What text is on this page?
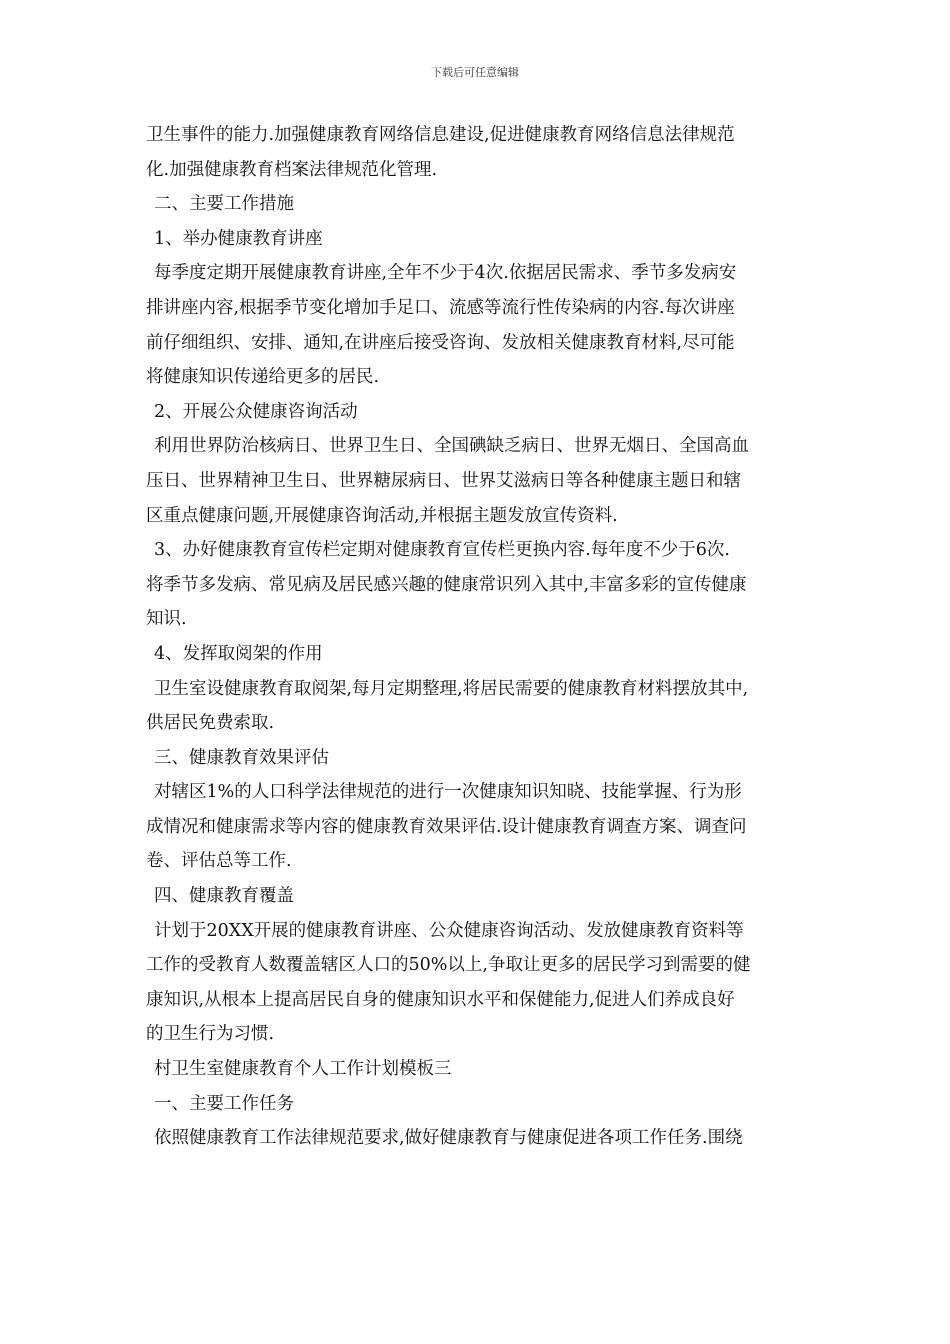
下载后可任意编辑
卫生事件的能力.加强健康教育网络信息建设,促进健康教育网络信息法律规范
化.加强健康教育档案法律规范化管理.
二、主要工作措施
1、举办健康教育讲座
每季度定期开展健康教育讲座,全年不少于4次.依据居民需求、季节多发病安
排讲座内容,根据季节变化增加手足口、流感等流行性传染病的内容.每次讲座
前仔细组织、安排、通知,在讲座后接受咨询、发放相关健康教育材料,尽可能
将健康知识传递给更多的居民.
2、开展公众健康咨询活动
利用世界防治核病日、世界卫生日、全国碘缺乏病日、世界无烟日、全国高血
压日、世界精神卫生日、世界糖尿病日、世界艾滋病日等各种健康主题日和辖
区重点健康问题,开展健康咨询活动,并根据主题发放宣传资料.
3、办好健康教育宣传栏定期对健康教育宣传栏更换内容.每年度不少于6次.
将季节多发病、常见病及居民感兴趣的健康常识列入其中,丰富多彩的宣传健康
知识.
4、发挥取阅架的作用
卫生室设健康教育取阅架,每月定期整理,将居民需要的健康教育材料摆放其中,
供居民免费索取.
三、健康教育效果评估
对辖区1%的人口科学法律规范的进行一次健康知识知晓、技能掌握、行为形
成情况和健康需求等内容的健康教育效果评估.设计健康教育调查方案、调查问
卷、评估总等工作.
四、健康教育覆盖
计划于20XX开展的健康教育讲座、公众健康咨询活动、发放健康教育资料等
工作的受教育人数覆盖辖区人口的50%以上,争取让更多的居民学习到需要的健
康知识,从根本上提高居民自身的健康知识水平和保健能力,促进人们养成良好
的卫生行为习惯.
村卫生室健康教育个人工作计划模板三
一、主要工作任务
依照健康教育工作法律规范要求,做好健康教育与健康促进各项工作任务.围绕
